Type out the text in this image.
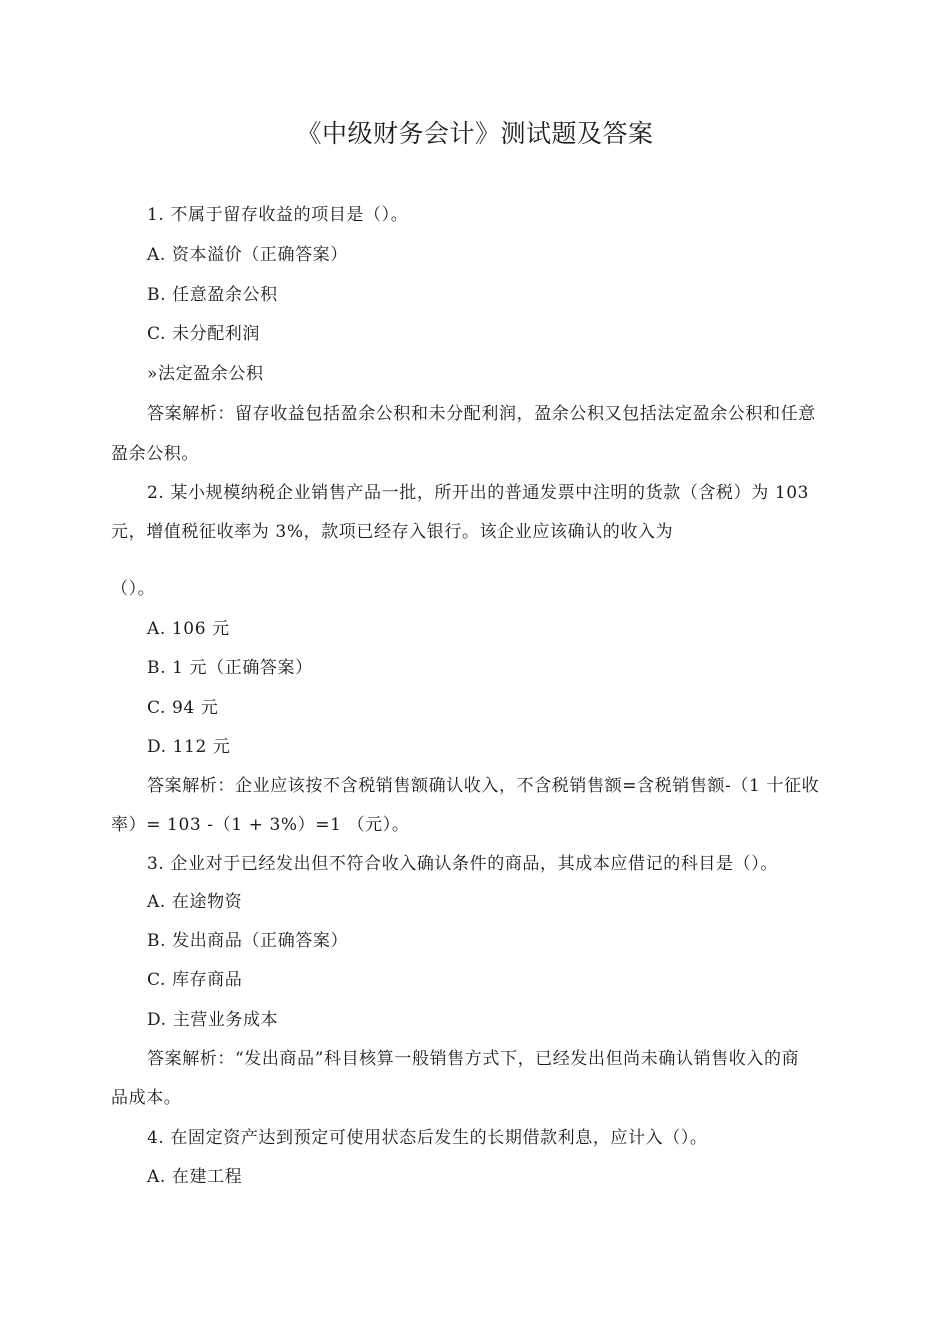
《中级财务会计》测试题及答案
1. 不属于留存收益的项目是（）。
A. 资本溢价（正确答案）
B. 任意盈余公积
C. 未分配利润
»法定盈余公积
答案解析：留存收益包括盈余公积和未分配利润，盈余公积又包括法定盈余公积和任意
盈余公积。
2. 某小规模纳税企业销售产品一批，所开出的普通发票中注明的货款（含税）为 103
元，增值税征收率为 3%，款项已经存入银行。该企业应该确认的收入为
（）。
A. 106 元
B. 1 元（正确答案）
C. 94 元
D. 112 元
答案解析：企业应该按不含税销售额确认收入，不含税销售额=含税销售额-（1 十征收
率）= 103 -（1 + 3%）=1 （元）。
3. 企业对于已经发出但不符合收入确认条件的商品，其成本应借记的科目是（）。
A. 在途物资
B. 发出商品（正确答案）
C. 库存商品
D. 主营业务成本
答案解析：“发出商品”科目核算一般销售方式下，已经发出但尚未确认销售收入的商
品成本。
4. 在固定资产达到预定可使用状态后发生的长期借款利息，应计入（）。
A. 在建工程
